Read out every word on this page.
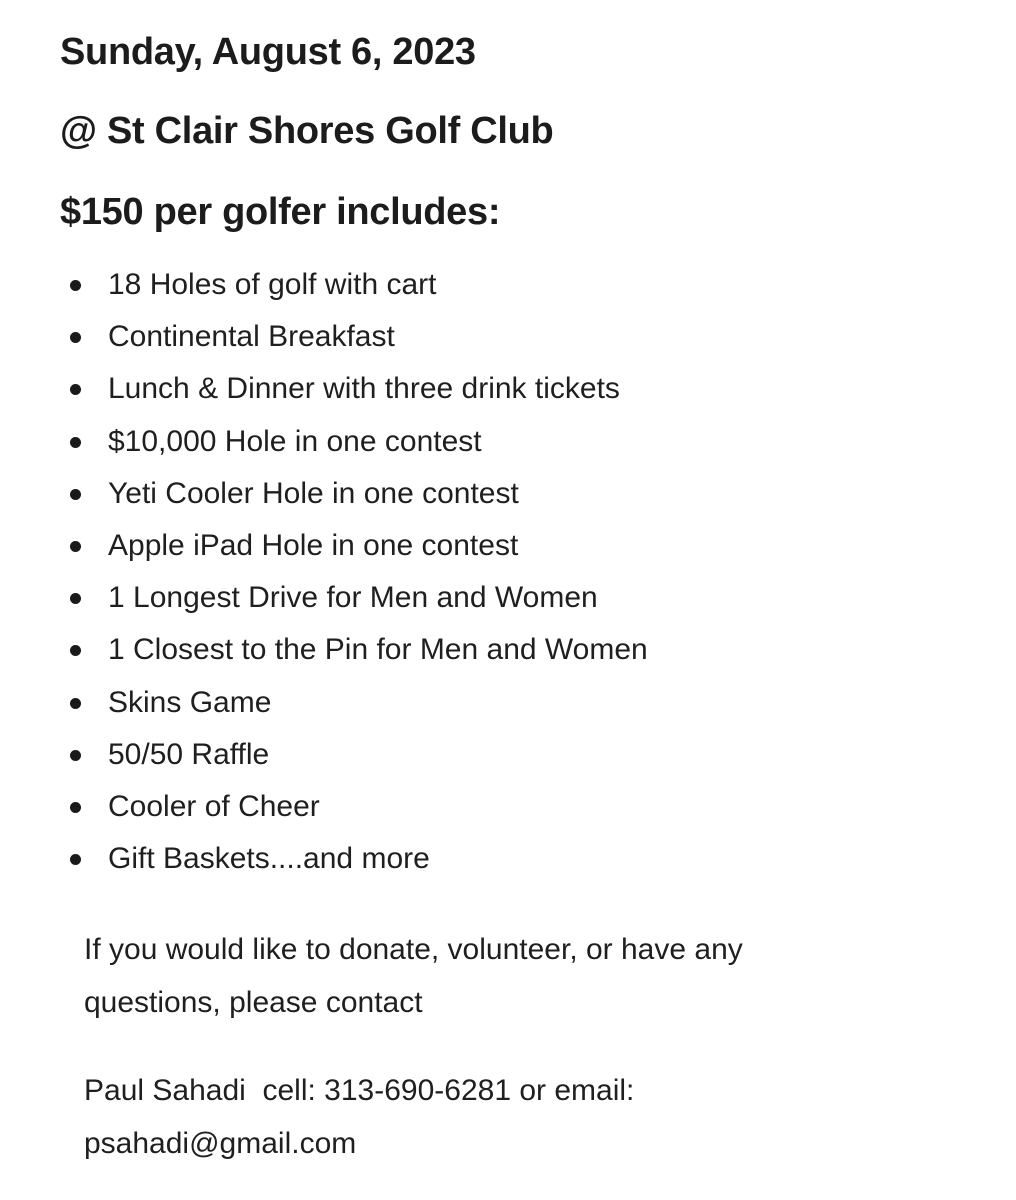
Sunday, August 6, 2023
@ St Clair Shores Golf Club
$150 per golfer includes:
18 Holes of golf with cart
Continental Breakfast
Lunch & Dinner with three drink tickets
$10,000 Hole in one contest
Yeti Cooler Hole in one contest
Apple iPad Hole in one contest
1 Longest Drive for Men and Women
1 Closest to the Pin for Men and Women
Skins Game
50/50 Raffle
Cooler of Cheer
Gift Baskets....and more

If you would like to donate, volunteer, or have any questions, please contact

Paul Sahadi cell: 313-690-6281 or email:
psahadi@gmail.com
